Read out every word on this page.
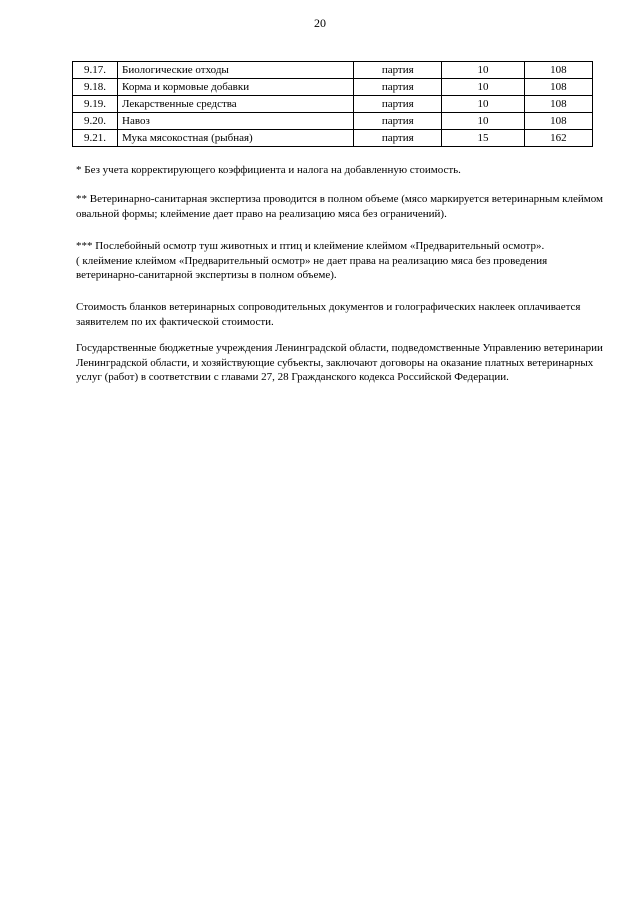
20
9.17.	Биологические отходы	партия	10	108
9.18.	Корма и кормовые добавки	партия	10	108
9.19.	Лекарственные средства	партия	10	108
9.20.	Навоз	партия	10	108
9.21.	Мука мясокостная (рыбная)	партия	15	162

* Без учета корректирующего коэффициента и налога на добавленную стоимость.

** Ветеринарно-санитарная экспертиза проводится в полном объеме (мясо маркируется ветеринарным клеймом овальной формы; клеймение дает право на реализацию мяса без ограничений).

*** Послебойный осмотр туш животных и птиц и клеймение клеймом «Предварительный осмотр».

( клеймение клеймом «Предварительный осмотр» не дает права на реализацию мяса без проведения ветеринарно-санитарной экспертизы в полном объеме).

Стоимость бланков ветеринарных сопроводительных документов и голографических наклеек оплачивается заявителем по их фактической стоимости.

Государственные бюджетные учреждения Ленинградской области, подведомственные Управлению ветеринарии Ленинградской области, и хозяйствующие субъекты, заключают договоры на оказание платных ветеринарных услуг (работ) в соответствии с главами 27, 28 Гражданского кодекса Российской Федерации.
